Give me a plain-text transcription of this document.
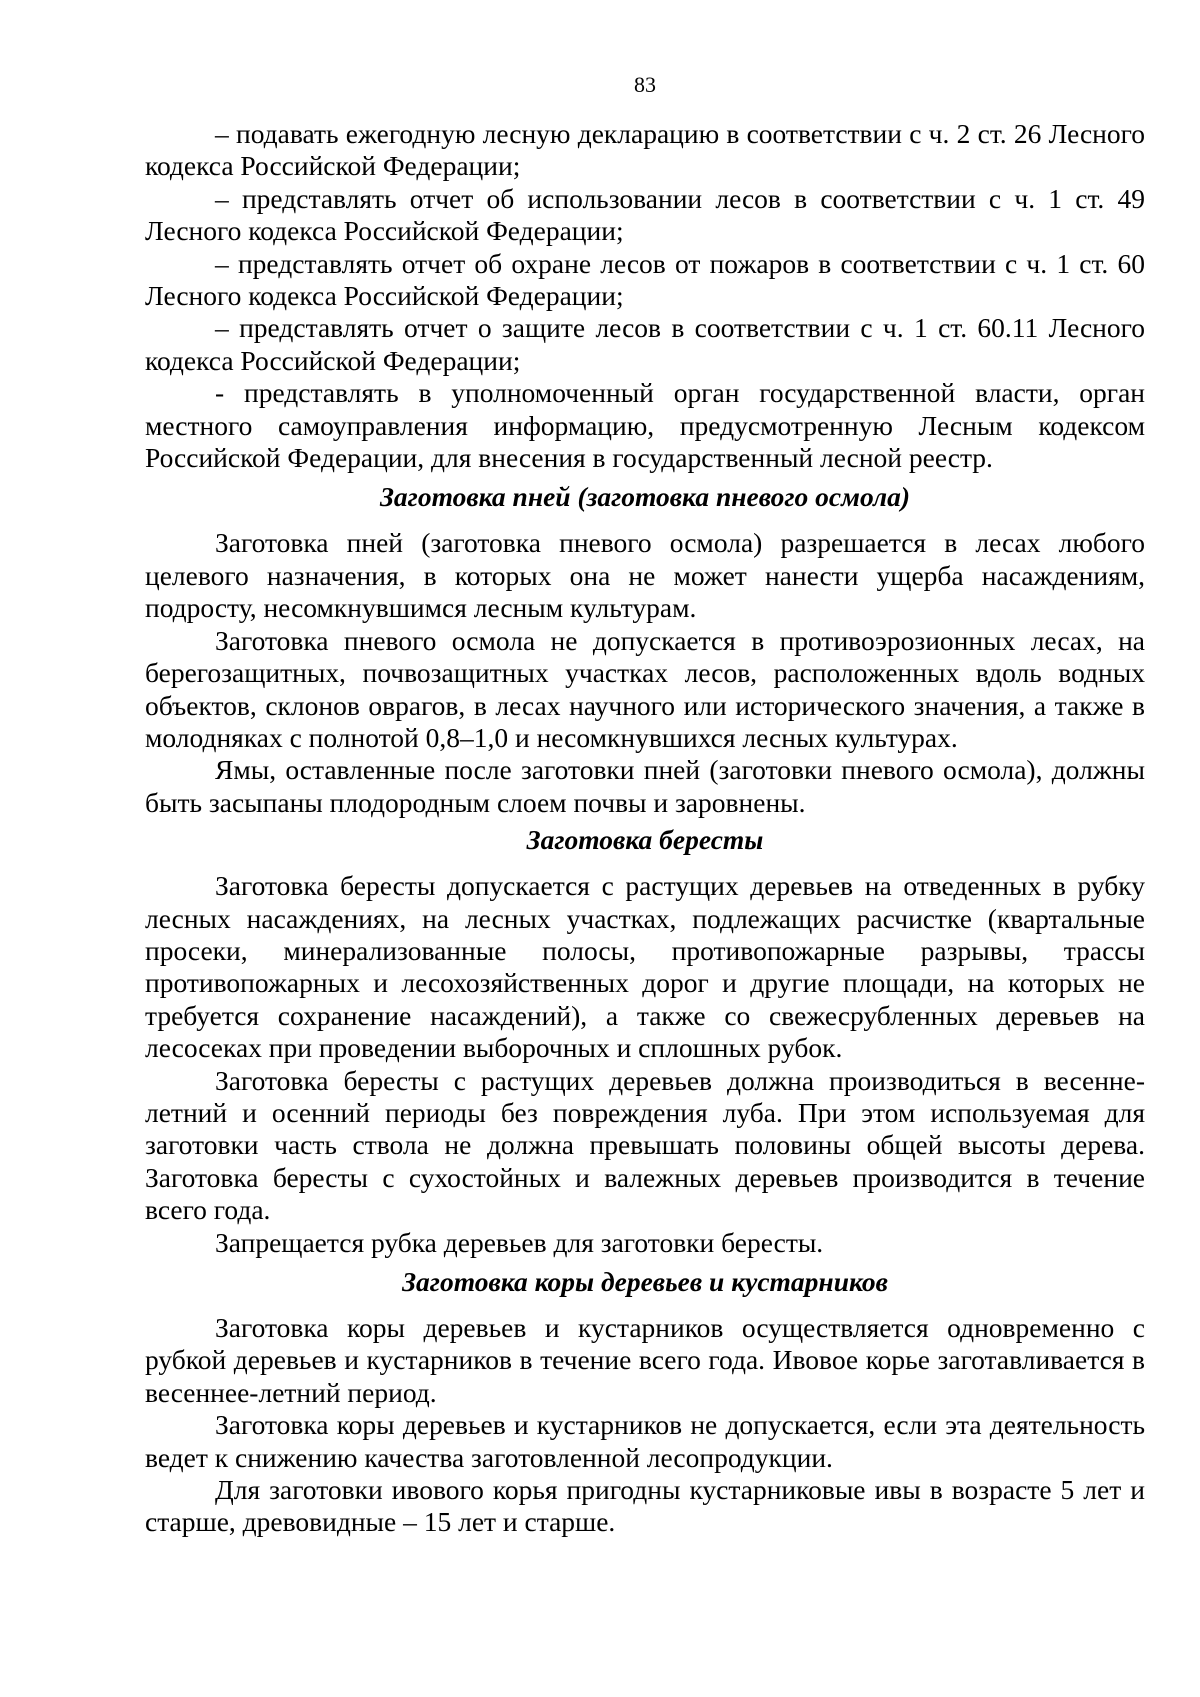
83

– подавать ежегодную лесную декларацию в соответствии с ч. 2 ст. 26 Лесного кодекса Российской Федерации;

– представлять отчет об использовании лесов в соответствии с ч. 1 ст. 49 Лесного кодекса Российской Федерации;

– представлять отчет об охране лесов от пожаров в соответствии с ч. 1 ст. 60 Лесного кодекса Российской Федерации;

– представлять отчет о защите лесов в соответствии с ч. 1 ст. 60.11 Лесного кодекса Российской Федерации;

- представлять в уполномоченный орган государственной власти, орган местного самоуправления информацию, предусмотренную Лесным кодексом Российской Федерации, для внесения в государственный лесной реестр.

Заготовка пней (заготовка пневого осмола)

Заготовка пней (заготовка пневого осмола) разрешается в лесах любого целевого назначения, в которых она не может нанести ущерба насаждениям, подросту, несомкнувшимся лесным культурам.

Заготовка пневого осмола не допускается в противоэрозионных лесах, на берегозащитных, почвозащитных участках лесов, расположенных вдоль водных объектов, склонов оврагов, в лесах научного или исторического значения, а также в молодняках с полнотой 0,8–1,0 и несомкнувшихся лесных культурах.

Ямы, оставленные после заготовки пней (заготовки пневого осмола), должны быть засыпаны плодородным слоем почвы и заровнены.

Заготовка бересты

Заготовка бересты допускается с растущих деревьев на отведенных в рубку лесных насаждениях, на лесных участках, подлежащих расчистке (квартальные просеки, минерализованные полосы, противопожарные разрывы, трассы противопожарных и лесохозяйственных дорог и другие площади, на которых не требуется сохранение насаждений), а также со свежесрубленных деревьев на лесосеках при проведении выборочных и сплошных рубок.

Заготовка бересты с растущих деревьев должна производиться в весенне-летний и осенний периоды без повреждения луба. При этом используемая для заготовки часть ствола не должна превышать половины общей высоты дерева. Заготовка бересты с сухостойных и валежных деревьев производится в течение всего года.

Запрещается рубка деревьев для заготовки бересты.

Заготовка коры деревьев и кустарников

Заготовка коры деревьев и кустарников осуществляется одновременно с рубкой деревьев и кустарников в течение всего года. Ивовое корье заготавливается в весеннее-летний период.

Заготовка коры деревьев и кустарников не допускается, если эта деятельность ведет к снижению качества заготовленной лесопродукции.

Для заготовки ивового корья пригодны кустарниковые ивы в возрасте 5 лет и старше, древовидные – 15 лет и старше.
